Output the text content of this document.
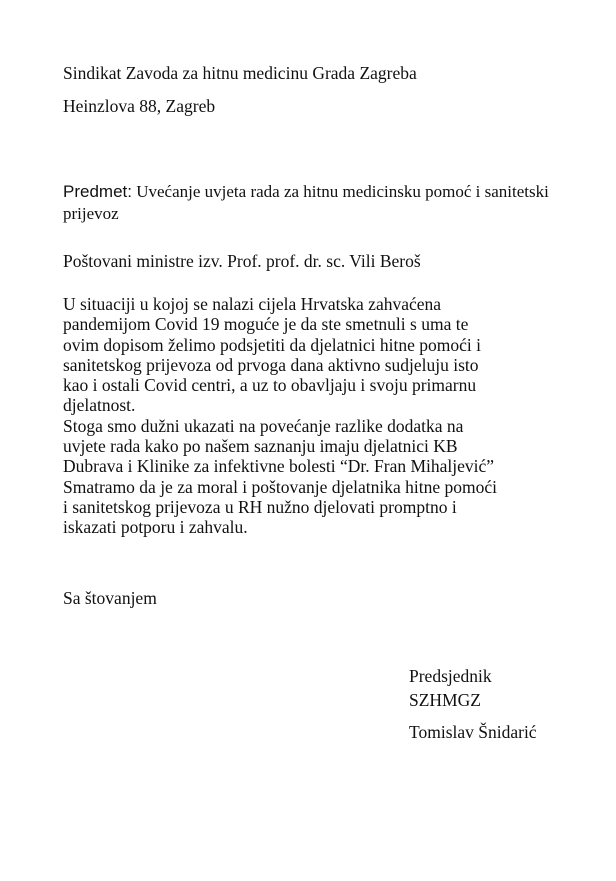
Sindikat Zavoda za hitnu medicinu Grada Zagreba
Heinzlova 88, Zagreb
Predmet: Uvećanje uvjeta rada za hitnu medicinsku pomoć i sanitetski prijevoz
Poštovani ministre izv. Prof. prof. dr. sc. Vili Beroš
U situaciji u kojoj se nalazi cijela Hrvatska zahvaćena
pandemijom Covid 19 moguće je da ste smetnuli s uma te
ovim dopisom želimo podsjetiti da djelatnici hitne pomoći i
sanitetskog prijevoza od prvoga dana aktivno sudjeluju isto
kao i ostali Covid centri, a uz to obavljaju i svoju primarnu
djelatnost.
Stoga smo dužni ukazati na povećanje razlike dodatka na
uvjete rada kako po našem saznanju imaju djelatnici KB
Dubrava i Klinike za infektivne bolesti “Dr. Fran Mihaljević”
Smatramo da je za moral i poštovanje djelatnika hitne pomoći
i sanitetskog prijevoza u RH nužno djelovati promptno i
iskazati potporu i zahvalu.
Sa štovanjem
Predsjednik
SZHMGZ
Tomislav Šnidarić
